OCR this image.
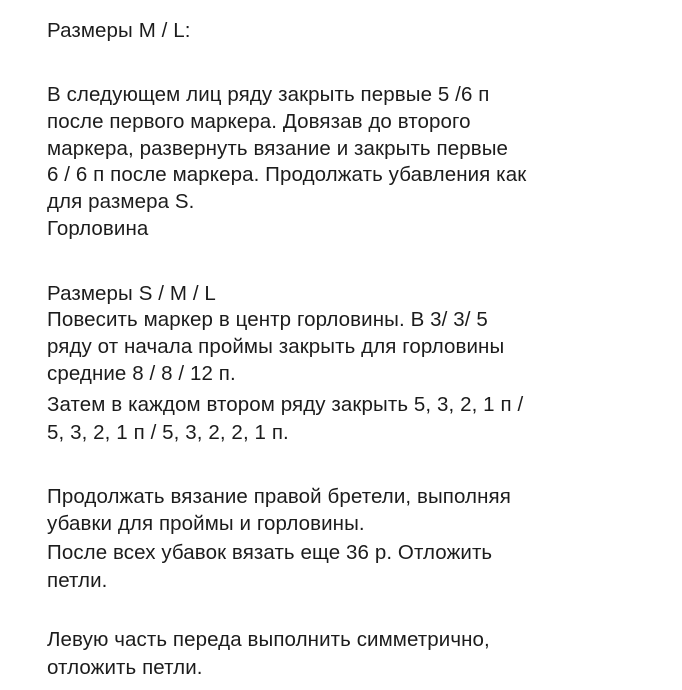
Размеры M / L:
В следующем лиц ряду закрыть первые 5 /6 п
после первого маркера. Довязав до второго
маркера, развернуть вязание и закрыть первые
6 / 6 п после маркера. Продолжать убавления как
для размера S.
Горловина
Размеры S / M / L
Повесить маркер в центр горловины. В 3/ 3/ 5
ряду от начала проймы закрыть для горловины
средние 8 / 8 / 12 п.
Затем в каждом втором ряду закрыть 5, 3, 2, 1 п /
5, 3, 2, 1 п / 5, 3, 2, 2, 1 п.
Продолжать вязание правой бретели, выполняя
убавки для проймы и горловины.
После всех убавок вязать еще 36 р. Отложить
петли.
Левую часть переда выполнить симметрично,
отложить петли.
